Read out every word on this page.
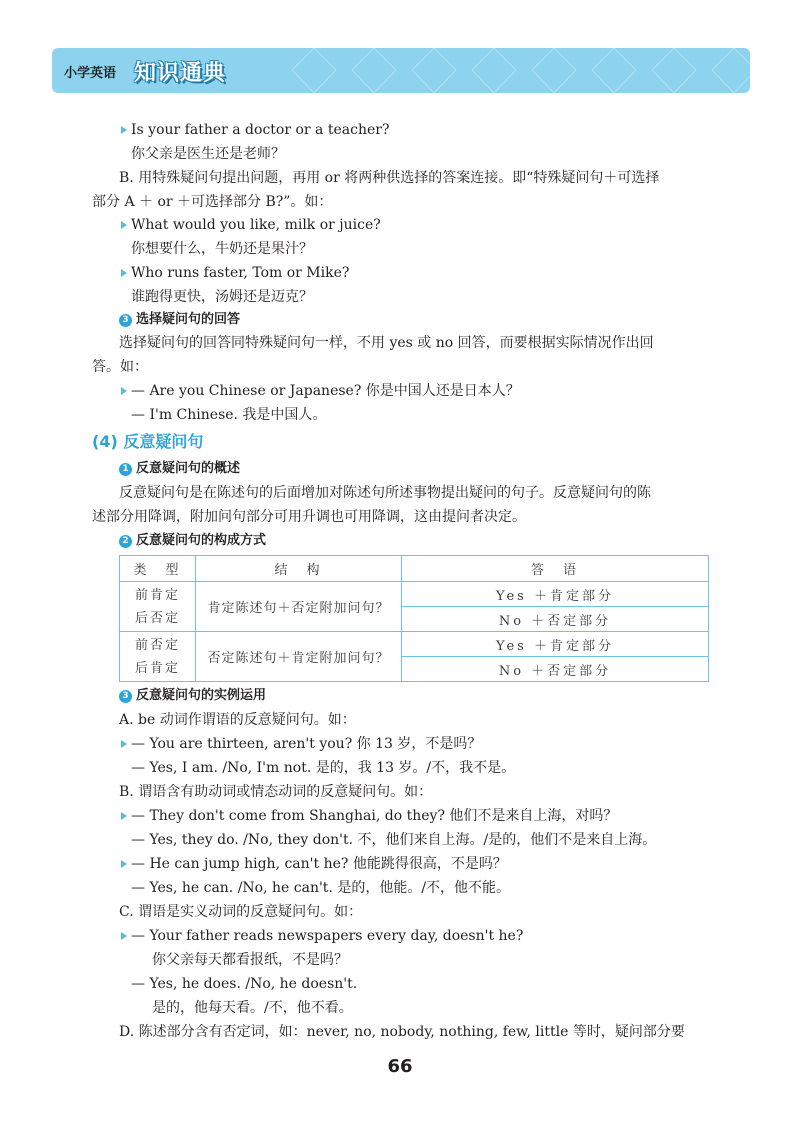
小学英语 知识通典
Is your father a doctor or a teacher?
你父亲是医生还是老师？
B. 用特殊疑问句提出问题，再用 or 将两种供选择的答案连接。即“特殊疑问句＋可选择
部分 A ＋ or ＋可选择部分 B?”。如：
What would you like, milk or juice?
你想要什么，牛奶还是果汁？
Who runs faster, Tom or Mike?
谁跑得更快，汤姆还是迈克？
3 选择疑问句的回答
选择疑问句的回答同特殊疑问句一样，不用 yes 或 no 回答，而要根据实际情况作出回
答。如：
— Are you Chinese or Japanese? 你是中国人还是日本人？
— I'm Chinese. 我是中国人。
(4) 反意疑问句
1 反意疑问句的概述
反意疑问句是在陈述句的后面增加对陈述句所述事物提出疑问的句子。反意疑问句的陈
述部分用降调，附加问句部分可用升调也可用降调，这由提问者决定。
2 反意疑问句的构成方式
类　型	结　构	答　语

前肯定
后否定	肯定陈述句＋否定附加问句？	Yes ＋肯定部分
		No ＋否定部分

前否定
后肯定	否定陈述句＋肯定附加问句？	Yes ＋肯定部分
		No ＋否定部分
3 反意疑问句的实例运用
A. be 动词作谓语的反意疑问句。如：
— You are thirteen, aren't you? 你 13 岁，不是吗？
— Yes, I am. /No, I'm not. 是的，我 13 岁。/不，我不是。
B. 谓语含有助动词或情态动词的反意疑问句。如：
— They don't come from Shanghai, do they? 他们不是来自上海，对吗？
— Yes, they do. /No, they don't. 不，他们来自上海。/是的，他们不是来自上海。
— He can jump high, can't he? 他能跳得很高，不是吗？
— Yes, he can. /No, he can't. 是的，他能。/不，他不能。
C. 谓语是实义动词的反意疑问句。如：
— Your father reads newspapers every day, doesn't he?
你父亲每天都看报纸，不是吗？
— Yes, he does. /No, he doesn't.
是的，他每天看。/不，他不看。
D. 陈述部分含有否定词，如：never, no, nobody, nothing, few, little 等时，疑问部分要
66
